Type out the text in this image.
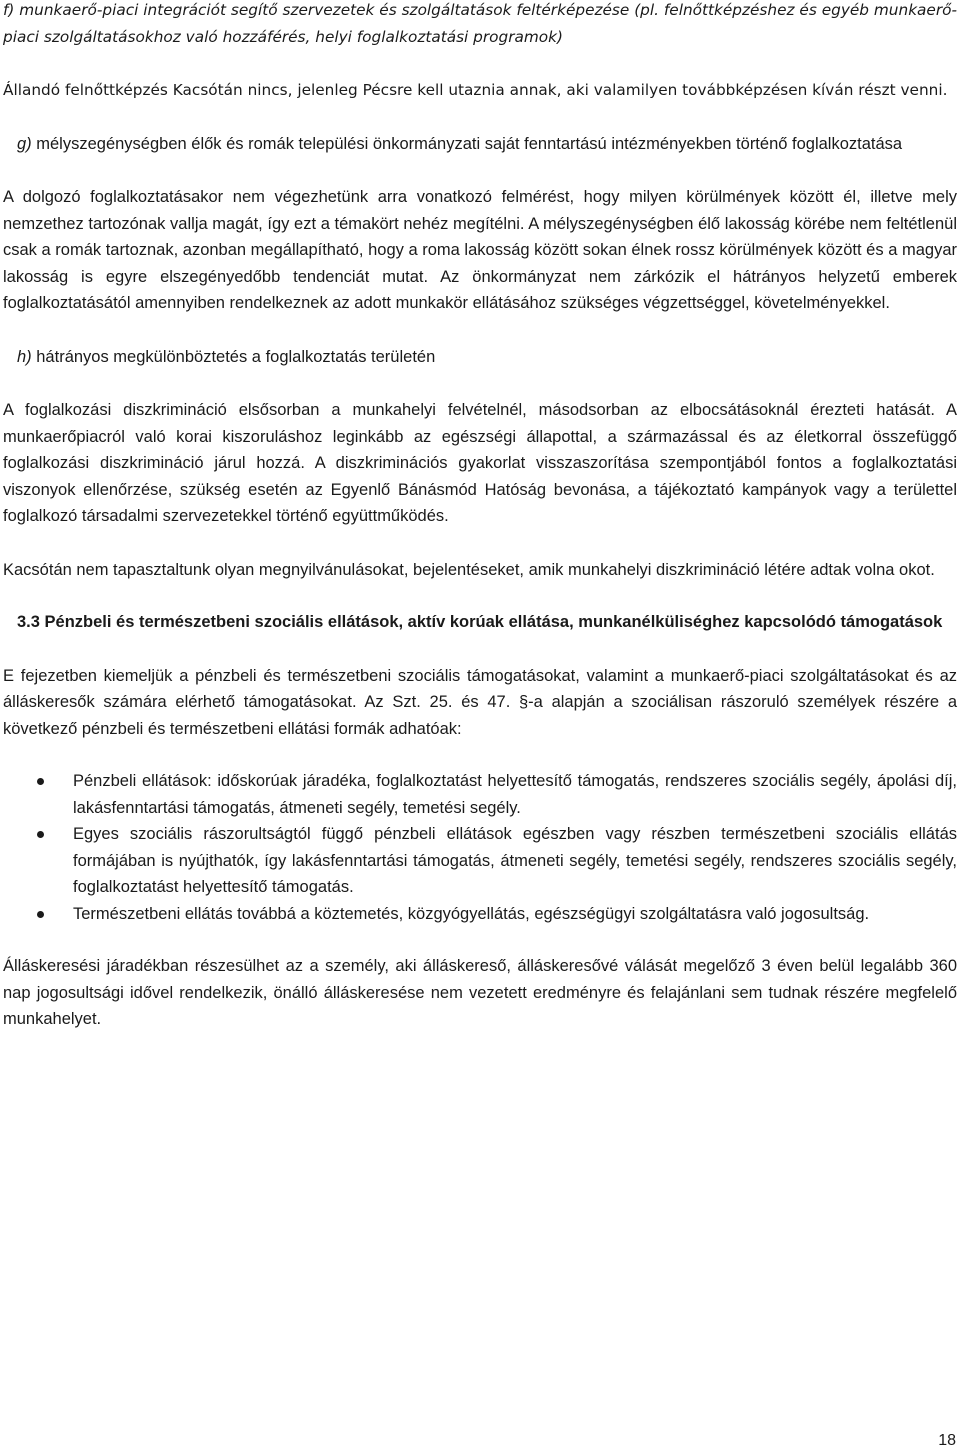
f) munkaerő-piaci integrációt segítő szervezetek és szolgáltatások feltérképezése (pl. felnőttképzéshez és egyéb munkaerő-piaci szolgáltatásokhoz való hozzáférés, helyi foglalkoztatási programok)

Állandó felnőttképzés Kacsótán nincs, jelenleg Pécsre kell utaznia annak, aki valamilyen továbbképzésen kíván részt venni.

g) mélyszegénységben élők és romák települési önkormányzati saját fenntartású intézményekben történő foglalkoztatása

A dolgozó foglalkoztatásakor nem végezhetünk arra vonatkozó felmérést, hogy milyen körülmények között él, illetve mely nemzethez tartozónak vallja magát, így ezt a témakört nehéz megítélni. A mélyszegénységben élő lakosság körébe nem feltétlenül csak a romák tartoznak, azonban megállapítható, hogy a roma lakosság között sokan élnek rossz körülmények között és a magyar lakosság is egyre elszegényedőbb tendenciát mutat. Az önkormányzat nem zárkózik el hátrányos helyzetű emberek foglalkoztatásától amennyiben rendelkeznek az adott munkakör ellátásához szükséges végzettséggel, követelményekkel.

h) hátrányos megkülönböztetés a foglalkoztatás területén

A foglalkozási diszkrimináció elsősorban a munkahelyi felvételnél, másodsorban az elbocsátásoknál érezteti hatását. A munkaerőpiacról való korai kiszoruláshoz leginkább az egészségi állapottal, a származással és az életkorral összefüggő foglalkozási diszkrimináció járul hozzá. A diszkriminációs gyakorlat visszaszorítása szempontjából fontos a foglalkoztatási viszonyok ellenőrzése, szükség esetén az Egyenlő Bánásmód Hatóság bevonása, a tájékoztató kampányok vagy a területtel foglalkozó társadalmi szervezetekkel történő együttműködés.

Kacsótán nem tapasztaltunk olyan megnyilvánulásokat, bejelentéseket, amik munkahelyi diszkrimináció létére adtak volna okot.

3.3 Pénzbeli és természetbeni szociális ellátások, aktív korúak ellátása, munkanélküliséghez kapcsolódó támogatások

E fejezetben kiemeljük a pénzbeli és természetbeni szociális támogatásokat, valamint a munkaerő-piaci szolgáltatásokat és az álláskeresők számára elérhető támogatásokat. Az Szt. 25. és 47. §-a alapján a szociálisan rászoruló személyek részére a következő pénzbeli és természetbeni ellátási formák adhatóak:

Pénzbeli ellátások: időskorúak járadéka, foglalkoztatást helyettesítő támogatás, rendszeres szociális segély, ápolási díj, lakásfenntartási támogatás, átmeneti segély, temetési segély.
Egyes szociális rászorultságtól függő pénzbeli ellátások egészben vagy részben természetbeni szociális ellátás formájában is nyújthatók, így lakásfenntartási támogatás, átmeneti segély, temetési segély, rendszeres szociális segély, foglalkoztatást helyettesítő támogatás.
Természetbeni ellátás továbbá a köztemetés, közgyógyellátás, egészségügyi szolgáltatásra való jogosultság.

Álláskeresési járadékban részesülhet az a személy, aki álláskereső, álláskeresővé válását megelőző 3 éven belül legalább 360 nap jogosultsági idővel rendelkezik, önálló álláskeresése nem vezetett eredményre és felajánlani sem tudnak részére megfelelő munkahelyet.

18
